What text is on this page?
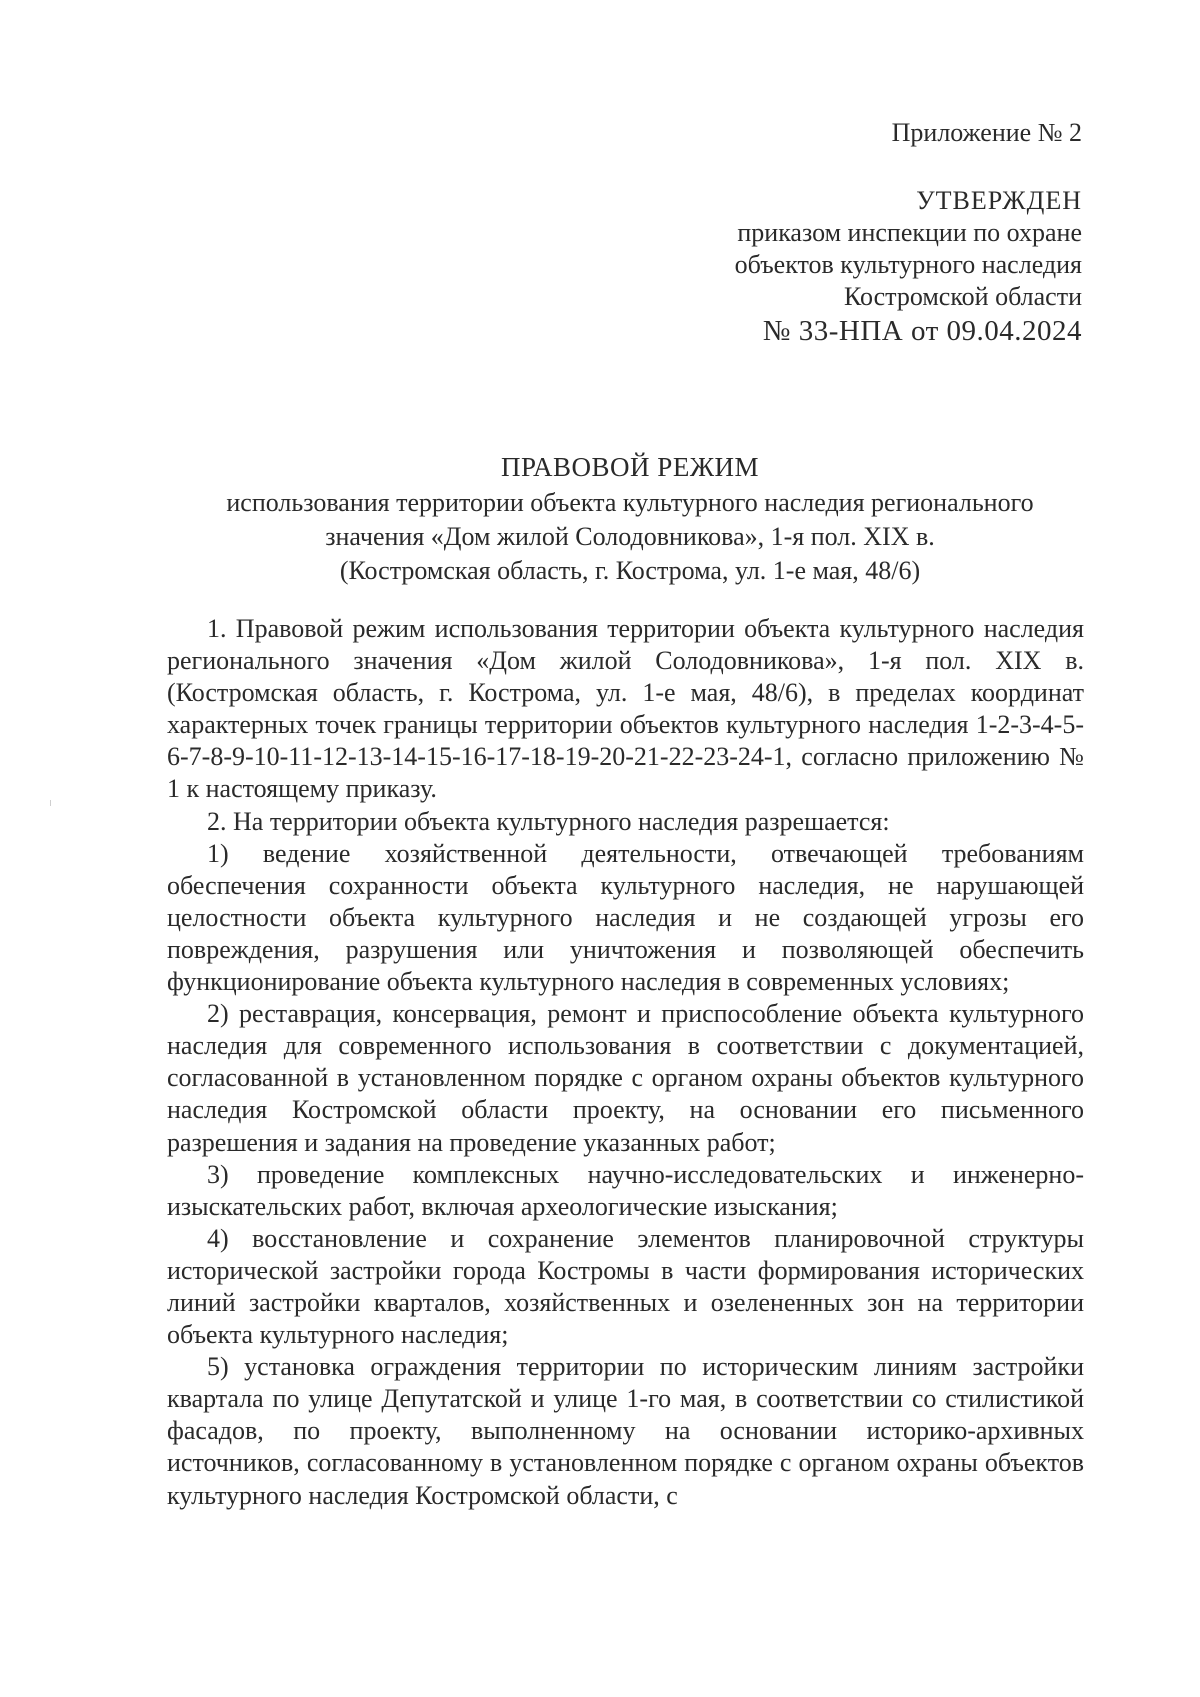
Приложение № 2
УТВЕРЖДЕН
приказом инспекции по охране
объектов культурного наследия
Костромской области
№ 33-НПА от 09.04.2024
ПРАВОВОЙ РЕЖИМ
использования территории объекта культурного наследия регионального
значения «Дом жилой Солодовникова», 1-я пол. XIX в.
(Костромская область, г. Кострома, ул. 1-е мая, 48/6)

1. Правовой режим использования территории объекта культурного наследия регионального значения «Дом жилой Солодовникова», 1-я пол. XIX в. (Костромская область, г. Кострома, ул. 1-е мая, 48/6), в пределах координат характерных точек границы территории объектов культурного наследия 1-2-3-4-5-6-7-8-9-10-11-12-13-14-15-16-17-18-19-20-21-22-23-24-1, согласно приложению № 1 к настоящему приказу.

2. На территории объекта культурного наследия разрешается:

1) ведение хозяйственной деятельности, отвечающей требованиям обеспечения сохранности объекта культурного наследия, не нарушающей целостности объекта культурного наследия и не создающей угрозы его повреждения, разрушения или уничтожения и позволяющей обеспечить функционирование объекта культурного наследия в современных условиях;

2) реставрация, консервация, ремонт и приспособление объекта культурного наследия для современного использования в соответствии с документацией, согласованной в установленном порядке с органом охраны объектов культурного наследия Костромской области проекту, на основании его письменного разрешения и задания на проведение указанных работ;

3) проведение комплексных научно-исследовательских и инженерно-изыскательских работ, включая археологические изыскания;

4) восстановление и сохранение элементов планировочной структуры исторической застройки города Костромы в части формирования исторических линий застройки кварталов, хозяйственных и озелененных зон на территории объекта культурного наследия;

5) установка ограждения территории по историческим линиям застройки квартала по улице Депутатской и улице 1-го мая, в соответствии со стилистикой фасадов, по проекту, выполненному на основании историко-архивных источников, согласованному в установленном порядке с органом охраны объектов культурного наследия Костромской области, с
